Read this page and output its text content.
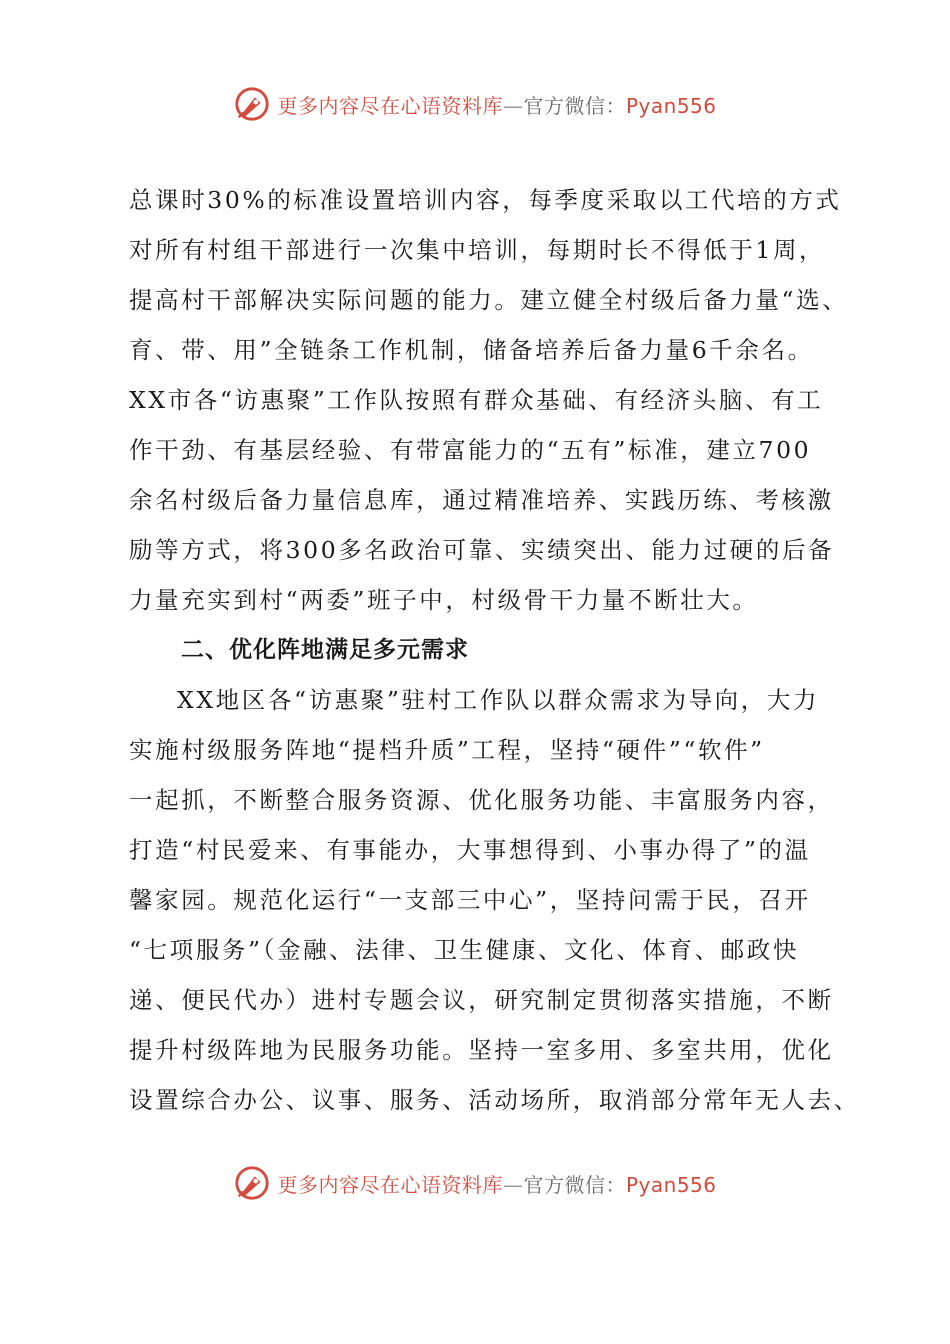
更多内容尽在心语资料库—官方微信：Pyan556
总课时30%的标准设置培训内容，每季度采取以工代培的方式
对所有村组干部进行一次集中培训，每期时长不得低于1周，
提高村干部解决实际问题的能力。建立健全村级后备力量“选、
育、带、用”全链条工作机制，储备培养后备力量6千余名。
XX市各“访惠聚”工作队按照有群众基础、有经济头脑、有工
作干劲、有基层经验、有带富能力的“五有”标准，建立700
余名村级后备力量信息库，通过精准培养、实践历练、考核激
励等方式，将300多名政治可靠、实绩突出、能力过硬的后备
力量充实到村“两委”班子中，村级骨干力量不断壮大。
二、优化阵地满足多元需求
XX地区各“访惠聚”驻村工作队以群众需求为导向，大力
实施村级服务阵地“提档升质”工程，坚持“硬件”“软件”
一起抓，不断整合服务资源、优化服务功能、丰富服务内容，
打造“村民爱来、有事能办，大事想得到、小事办得了”的温
馨家园。规范化运行“一支部三中心”，坚持问需于民，召开
“七项服务”（金融、法律、卫生健康、文化、体育、邮政快
递、便民代办）进村专题会议，研究制定贯彻落实措施，不断
提升村级阵地为民服务功能。坚持一室多用、多室共用，优化
设置综合办公、议事、服务、活动场所，取消部分常年无人去、
更多内容尽在心语资料库—官方微信：Pyan556
